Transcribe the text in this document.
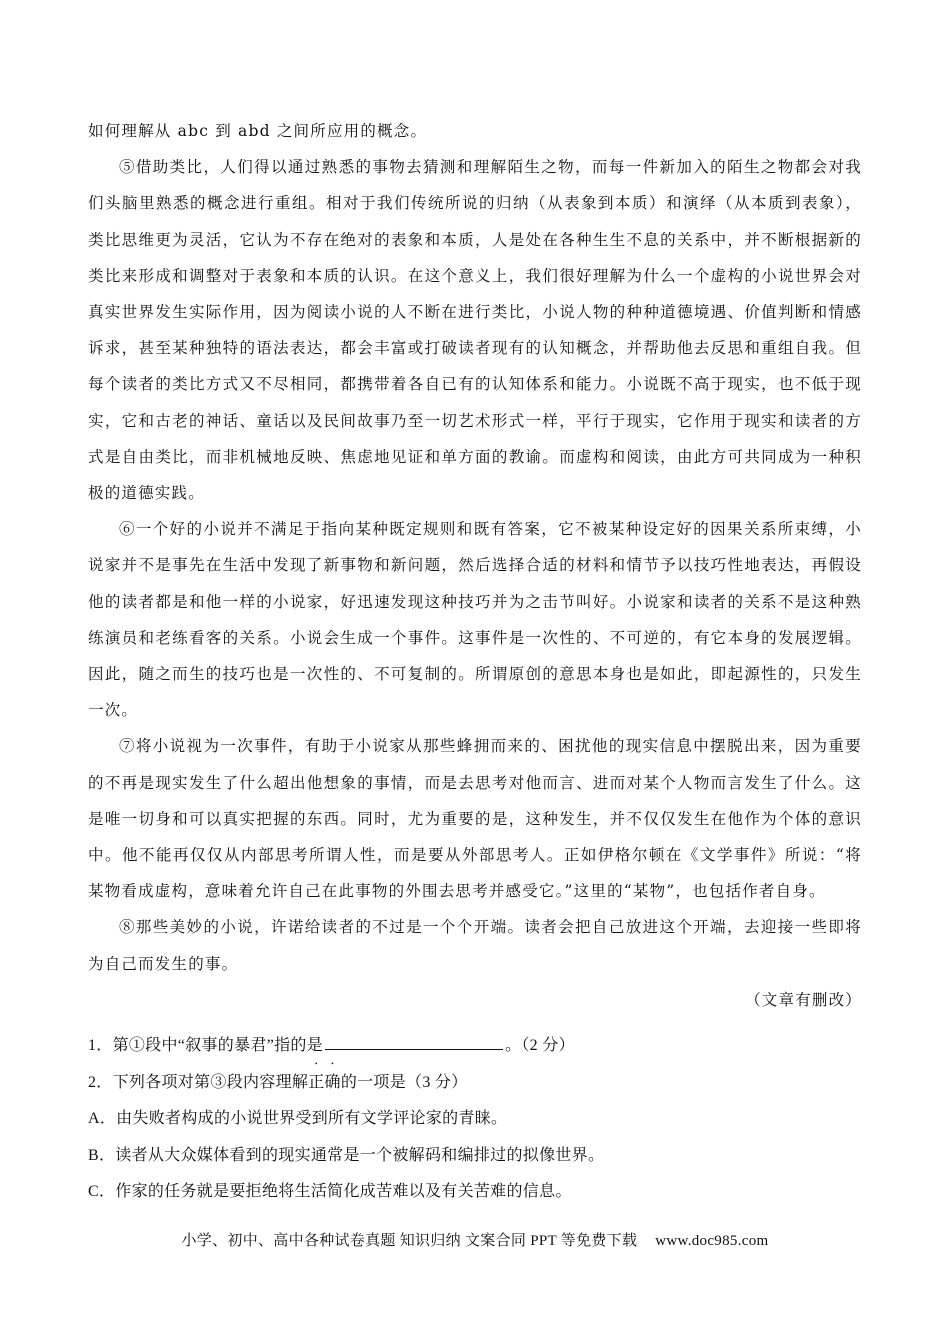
如何理解从 abc 到 abd 之间所应用的概念。

⑤借助类比，人们得以通过熟悉的事物去猜测和理解陌生之物，而每一件新加入的陌生之物都会对我们头脑里熟悉的概念进行重组。相对于我们传统所说的归纳（从表象到本质）和演绎（从本质到表象），类比思维更为灵活，它认为不存在绝对的表象和本质，人是处在各种生生不息的关系中，并不断根据新的类比来形成和调整对于表象和本质的认识。在这个意义上，我们很好理解为什么一个虚构的小说世界会对真实世界发生实际作用，因为阅读小说的人不断在进行类比，小说人物的种种道德境遇、价值判断和情感诉求，甚至某种独特的语法表达，都会丰富或打破读者现有的认知概念，并帮助他去反思和重组自我。但每个读者的类比方式又不尽相同，都携带着各自已有的认知体系和能力。小说既不高于现实，也不低于现实，它和古老的神话、童话以及民间故事乃至一切艺术形式一样，平行于现实，它作用于现实和读者的方式是自由类比，而非机械地反映、焦虑地见证和单方面的教谕。而虚构和阅读，由此方可共同成为一种积极的道德实践。

⑥一个好的小说并不满足于指向某种既定规则和既有答案，它不被某种设定好的因果关系所束缚，小说家并不是事先在生活中发现了新事物和新问题，然后选择合适的材料和情节予以技巧性地表达，再假设他的读者都是和他一样的小说家，好迅速发现这种技巧并为之击节叫好。小说家和读者的关系不是这种熟练演员和老练看客的关系。小说会生成一个事件。这事件是一次性的、不可逆的，有它本身的发展逻辑。因此，随之而生的技巧也是一次性的、不可复制的。所谓原创的意思本身也是如此，即起源性的，只发生一次。

⑦将小说视为一次事件，有助于小说家从那些蜂拥而来的、困扰他的现实信息中摆脱出来，因为重要的不再是现实发生了什么超出他想象的事情，而是去思考对他而言、进而对某个人物而言发生了什么。这是唯一切身和可以真实把握的东西。同时，尤为重要的是，这种发生，并不仅仅发生在他作为个体的意识中。他不能再仅仅从内部思考所谓人性，而是要从外部思考人。正如伊格尔顿在《文学事件》所说：“将某物看成虚构，意味着允许自己在此事物的外围去思考并感受它。”这里的“某物”，也包括作者自身。

⑧那些美妙的小说，许诺给读者的不过是一个个开端。读者会把自己放进这个开端，去迎接一些即将为自己而发生的事。

（文章有删改）

1．第①段中“叙事的暴君”指的是	。（2 分）

2．下列各项对第③段内容理解正确的一项是（3 分）

A．由失败者构成的小说世界受到所有文学评论家的青睐。

B．读者从大众媒体看到的现实通常是一个被解码和编排过的拟像世界。

C．作家的任务就是要拒绝将生活简化成苦难以及有关苦难的信息。

小学、初中、高中各种试卷真题 知识归纳 文案合同 PPT 等免费下载 www.doc985.com
